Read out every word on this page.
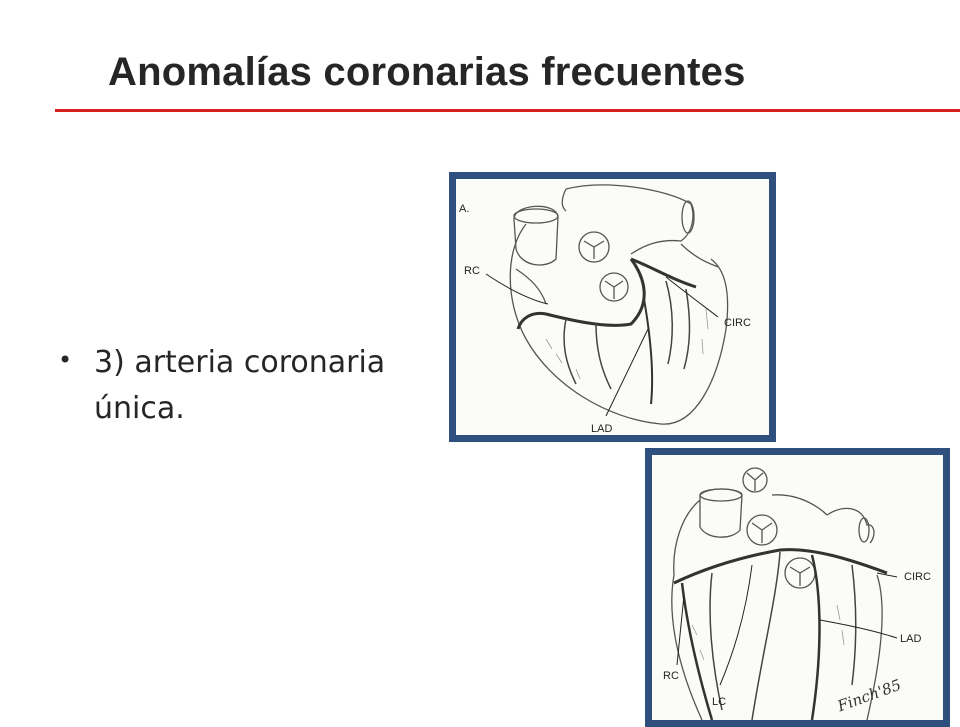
Anomalías coronarias frecuentes
• 3) arteria coronaria única.
A.
RC
CIRC
LAD
CIRC
LAD
RC
LC	Finch'85
